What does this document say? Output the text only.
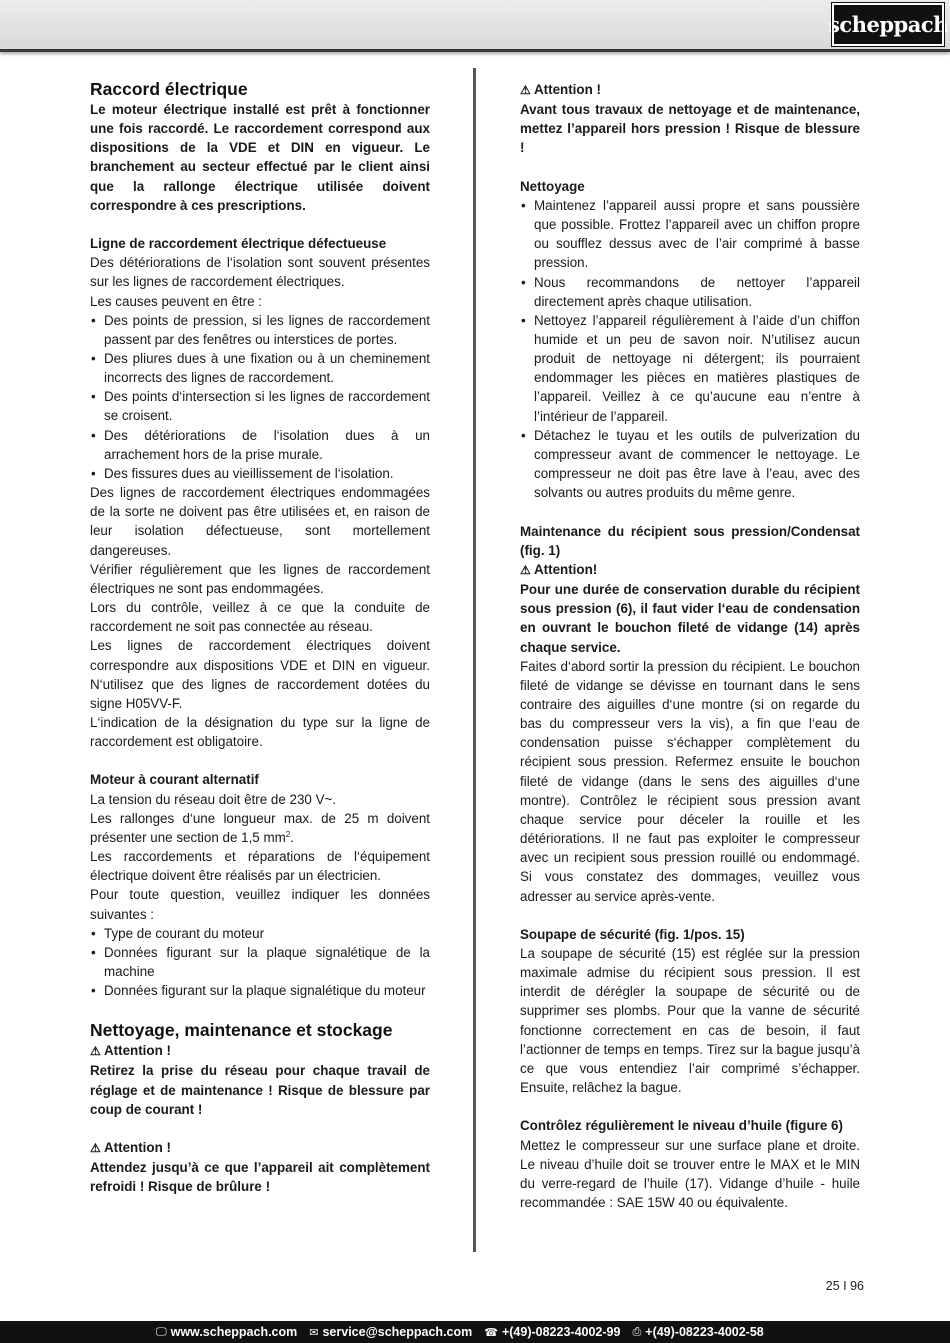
scheppach
Raccord électrique

Le moteur électrique installé est prêt à fonctionner une fois raccordé. Le raccordement correspond aux dispositions de la VDE et DIN en vigueur. Le branchement au secteur effectué par le client ainsi que la rallonge électrique utilisée doivent correspondre à ces prescriptions.

Ligne de raccordement électrique défectueuse

Des détériorations de l‘isolation sont souvent présentes sur les lignes de raccordement électriques.

Les causes peuvent en être :

• Des points de pression, si les lignes de raccordement passent par des fenêtres ou interstices de portes.
• Des pliures dues à une fixation ou à un cheminement incorrects des lignes de raccordement.
• Des points d‘intersection si les lignes de raccordement se croisent.
• Des détériorations de l‘isolation dues à un arrachement hors de la prise murale.
• Des fissures dues au vieillissement de l‘isolation.

Des lignes de raccordement électriques endommagées de la sorte ne doivent pas être utilisées et, en raison de leur isolation défectueuse, sont mortellement dangereuses.

Vérifier régulièrement que les lignes de raccordement électriques ne sont pas endommagées.

Lors du contrôle, veillez à ce que la conduite de raccordement ne soit pas connectée au réseau.

Les lignes de raccordement électriques doivent correspondre aux dispositions VDE et DIN en vigueur. N‘utilisez que des lignes de raccordement dotées du signe H05VV-F.

L‘indication de la désignation du type sur la ligne de raccordement est obligatoire.

Moteur à courant alternatif

La tension du réseau doit être de 230 V~.

Les rallonges d‘une longueur max. de 25 m doivent présenter une section de 1,5 $mm^2$.

Les raccordements et réparations de l‘équipement électrique doivent être réalisés par un électricien.

Pour toute question, veuillez indiquer les données suivantes :

• Type de courant du moteur
• Données figurant sur la plaque signalétique de la machine
• Données figurant sur la plaque signalétique du moteur
Nettoyage, maintenance et stockage
⚠ Attention !

Retirez la prise du réseau pour chaque travail de réglage et de maintenance ! Risque de blessure par coup de courant !

⚠ Attention !

Attendez jusqu’à ce que l’appareil ait complètement refroidi ! Risque de brûlure !

⚠ Attention !

Avant tous travaux de nettoyage et de maintenance, mettez l’appareil hors pression ! Risque de blessure !

Nettoyage
• Maintenez l’appareil aussi propre et sans poussière que possible. Frottez l’appareil avec un chiffon propre ou soufflez dessus avec de l’air comprimé à basse pression.
• Nous recommandons de nettoyer l’appareil directement après chaque utilisation.
• Nettoyez l’appareil régulièrement à l’aide d’un chiffon humide et un peu de savon noir. N’utilisez aucun produit de nettoyage ni détergent; ils pourraient endommager les pièces en matières plastiques de l’appareil. Veillez à ce qu’aucune eau n’entre à l’intérieur de l’appareil.
• Détachez le tuyau et les outils de pulverization du compresseur avant de commencer le nettoyage. Le compresseur ne doit pas être lave à l’eau, avec des solvants ou autres produits du même genre.

Maintenance du récipient sous pression/Condensat (fig. 1)

⚠ Attention!

Pour une durée de conservation durable du récipient sous pression (6), il faut vider l‘eau de condensation en ouvrant le bouchon fileté de vidange (14) après chaque service.

Faites d‘abord sortir la pression du récipient. Le bouchon fileté de vidange se dévisse en tournant dans le sens contraire des aiguilles d‘une montre (si on regarde du bas du compresseur vers la vis), a fin que l‘eau de condensation puisse s‘échapper complètement du récipient sous pression. Refermez ensuite le bouchon fileté de vidange (dans le sens des aiguilles d‘une montre). Contrôlez le récipient sous pression avant chaque service pour déceler la rouille et les détériorations. Il ne faut pas exploiter le compresseur avec un recipient sous pression rouillé ou endommagé. Si vous constatez des dommages, veuillez vous adresser au service après-vente.

Soupape de sécurité (fig. 1/pos. 15)

La soupape de sécurité (15) est réglée sur la pression maximale admise du récipient sous pression. Il est interdit de dérégler la soupape de sécurité ou de supprimer ses plombs. Pour que la vanne de sécurité fonctionne correctement en cas de besoin, il faut l’actionner de temps en temps. Tirez sur la bague jusqu’à ce que vous entendiez l’air comprimé s’échapper. Ensuite, relâchez la bague.

Contrôlez régulièrement le niveau d’huile (figure 6)

Mettez le compresseur sur une surface plane et droite. Le niveau d’huile doit se trouver entre le MAX et le MIN du verre-regard de l’huile (17). Vidange d’huile - huile recommandée : SAE 15W 40 ou équivalente.

25 I 96
🖵 www.scheppach.com ✉ service@scheppach.com ☎ +(49)-08223-4002-99 ⎙ +(49)-08223-4002-58
